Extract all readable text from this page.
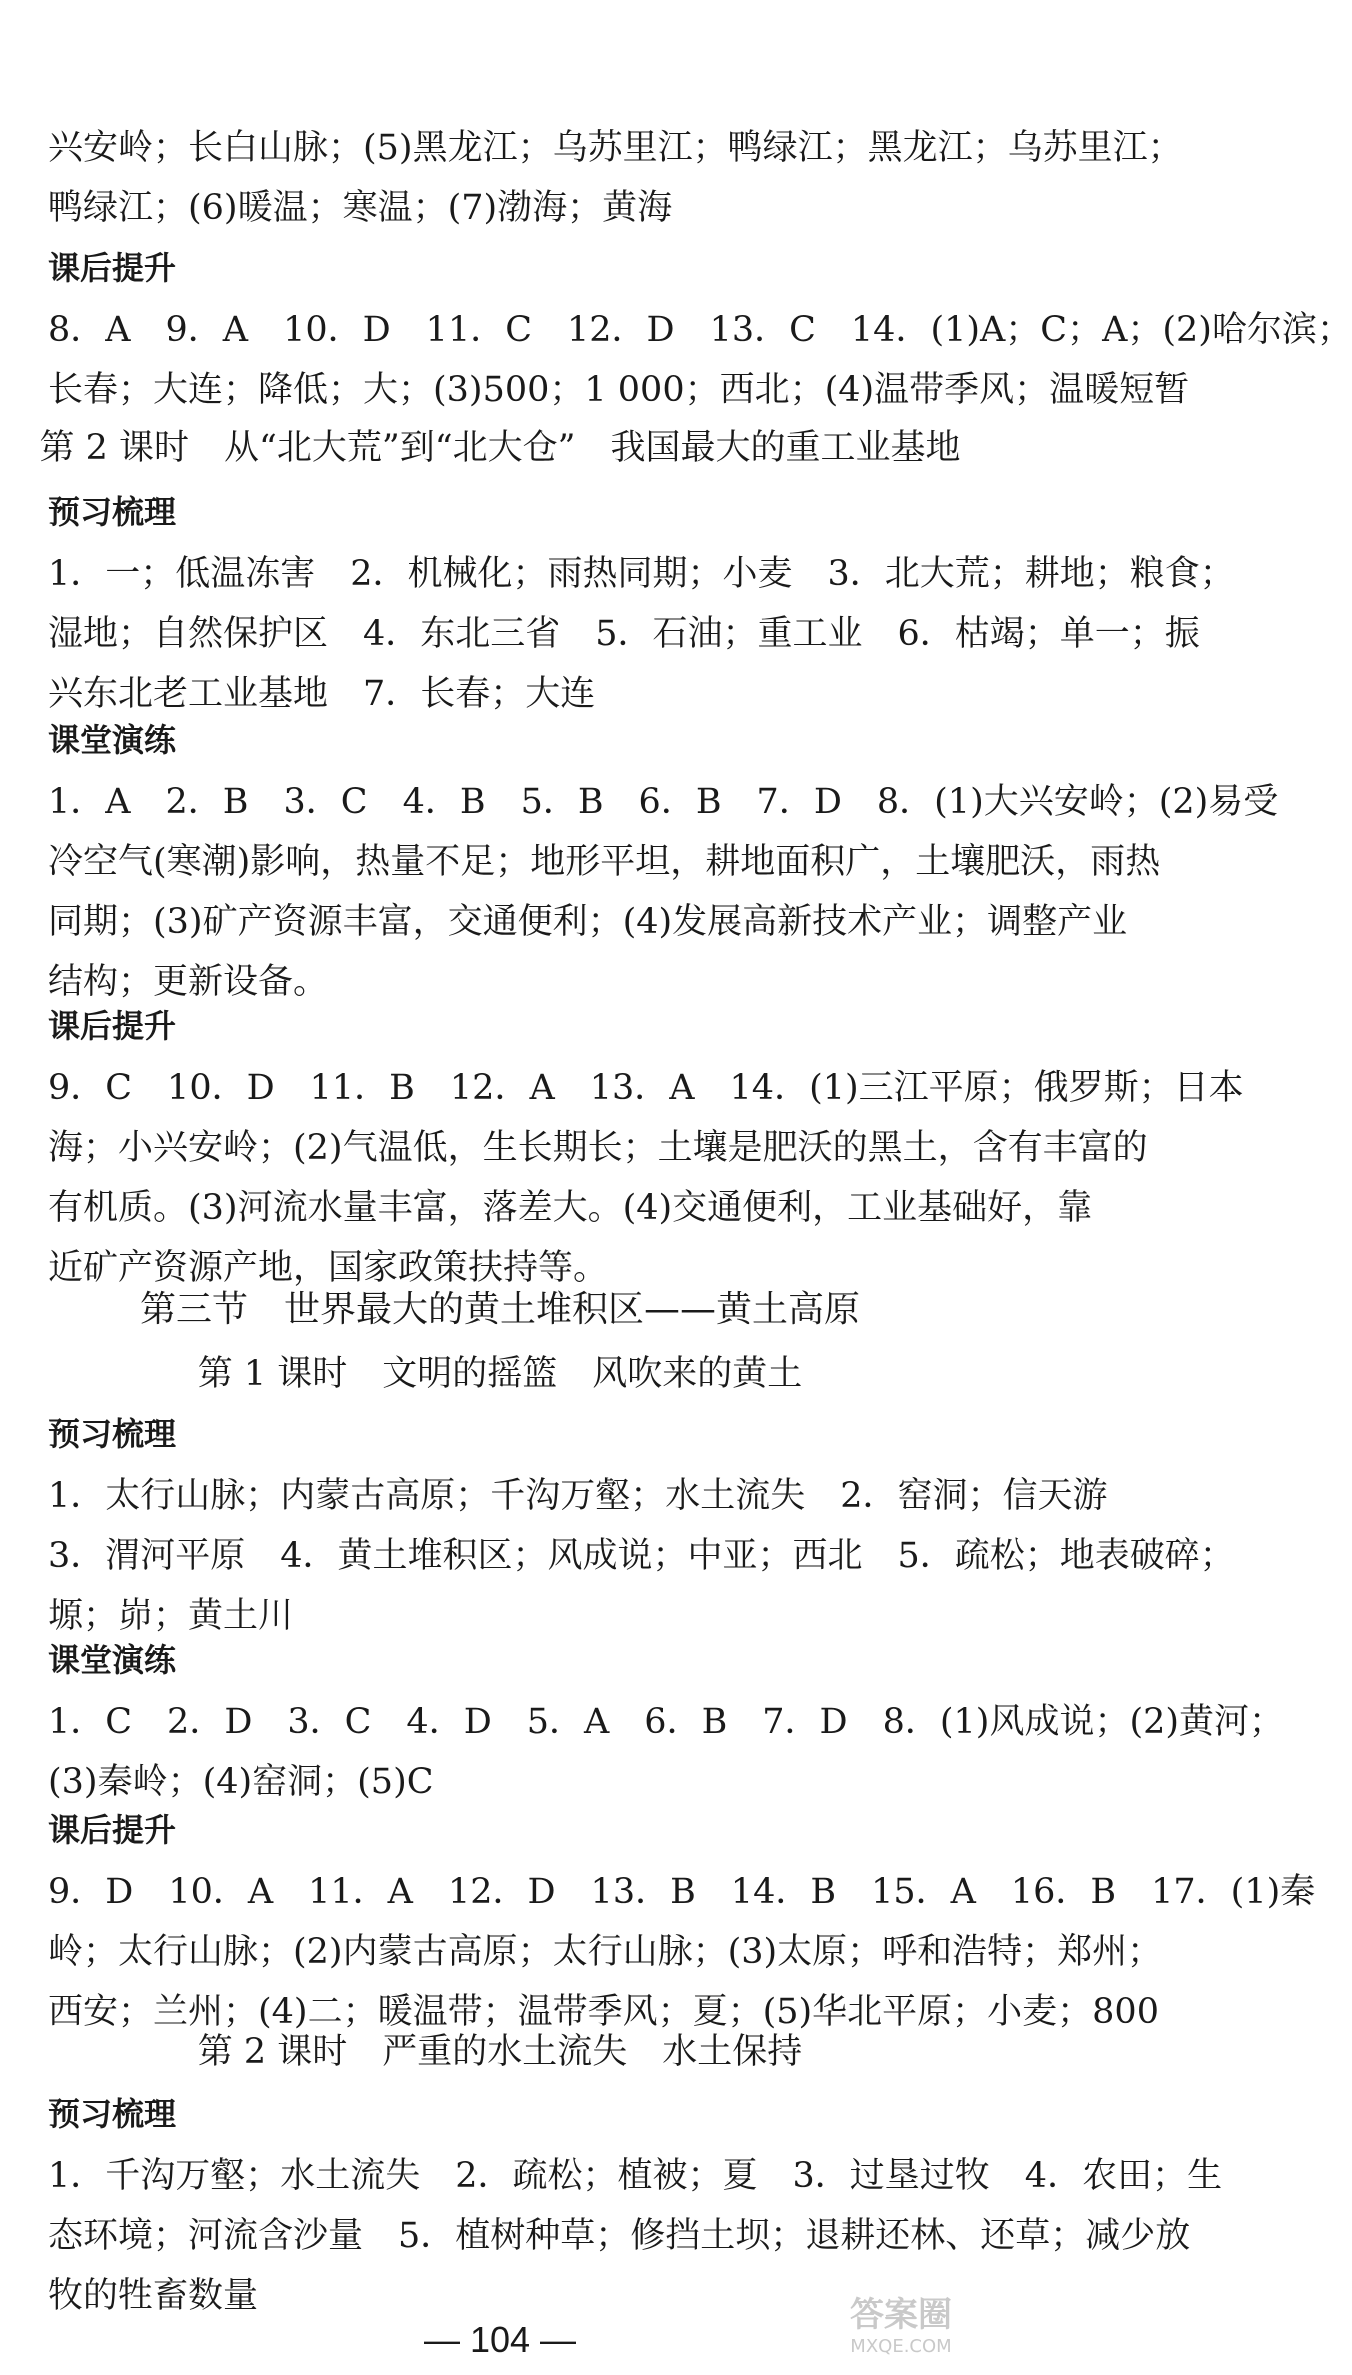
兴安岭；长白山脉；(5)黑龙江；乌苏里江；鸭绿江；黑龙江；乌苏里江；
鸭绿江；(6)暖温；寒温；(7)渤海；黄海
课后提升
8．A　9．A　10．D　11．C　12．D　13．C　14．(1)A；C；A；(2)哈尔滨；
长春；大连；降低；大；(3)500；1 000；西北；(4)温带季风；温暖短暂
第 2 课时　从“北大荒”到“北大仓”　我国最大的重工业基地
预习梳理
1．一；低温冻害　2．机械化；雨热同期；小麦　3．北大荒；耕地；粮食；
湿地；自然保护区　4．东北三省　5．石油；重工业　6．枯竭；单一；振
兴东北老工业基地　7．长春；大连
课堂演练
1．A　2．B　3．C　4．B　5．B　6．B　7．D　8．(1)大兴安岭；(2)易受
冷空气(寒潮)影响，热量不足；地形平坦，耕地面积广，土壤肥沃，雨热
同期；(3)矿产资源丰富，交通便利；(4)发展高新技术产业；调整产业
结构；更新设备。
课后提升
9．C　10．D　11．B　12．A　13．A　14．(1)三江平原；俄罗斯；日本
海；小兴安岭；(2)气温低，生长期长；土壤是肥沃的黑土，含有丰富的
有机质。(3)河流水量丰富，落差大。(4)交通便利，工业基础好，靠
近矿产资源产地，国家政策扶持等。
第三节　世界最大的黄土堆积区——黄土高原
第 1 课时　文明的摇篮　风吹来的黄土
预习梳理
1．太行山脉；内蒙古高原；千沟万壑；水土流失　2．窑洞；信天游
3．渭河平原　4．黄土堆积区；风成说；中亚；西北　5．疏松；地表破碎；
塬；峁；黄土川
课堂演练
1．C　2．D　3．C　4．D　5．A　6．B　7．D　8．(1)风成说；(2)黄河；
(3)秦岭；(4)窑洞；(5)C
课后提升
9．D　10．A　11．A　12．D　13．B　14．B　15．A　16．B　17．(1)秦
岭；太行山脉；(2)内蒙古高原；太行山脉；(3)太原；呼和浩特；郑州；
西安；兰州；(4)二；暖温带；温带季风；夏；(5)华北平原；小麦；800
第 2 课时　严重的水土流失　水土保持
预习梳理
1．千沟万壑；水土流失　2．疏松；植被；夏　3．过垦过牧　4．农田；生
态环境；河流含沙量　5．植树种草；修挡土坝；退耕还林、还草；减少放
牧的牲畜数量
— 104 —
答案圈
MXQE.COM
